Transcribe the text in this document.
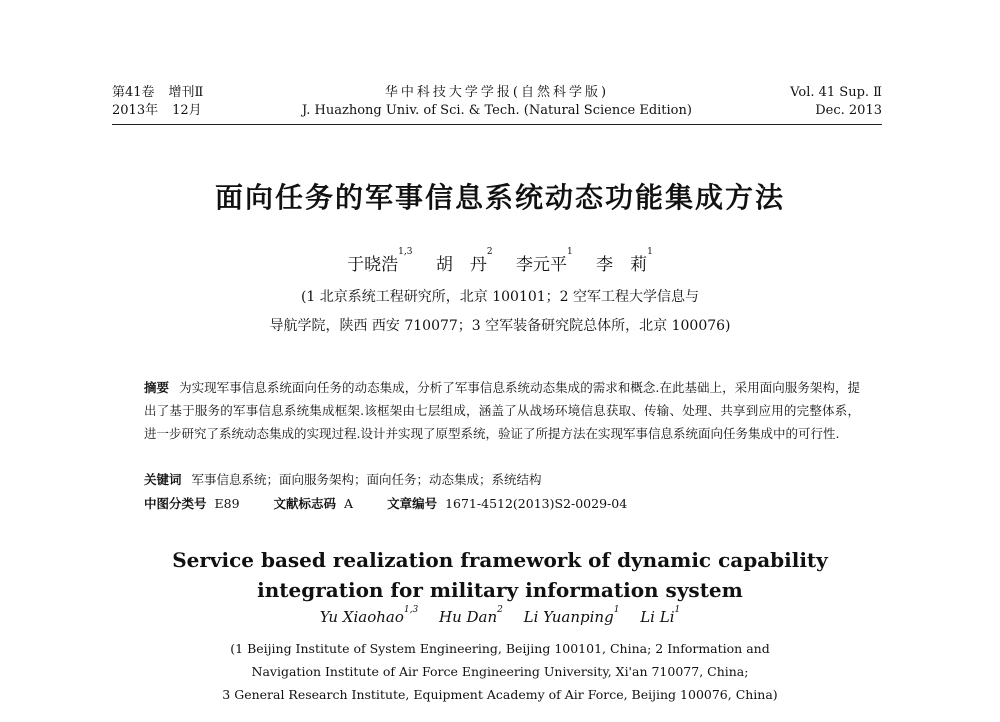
第41卷 增刊Ⅱ
2013年 12月
华中科技大学学报(自然科学版)
J. Huazhong Univ. of Sci. & Tech. (Natural Science Edition)
Vol. 41 Sup. Ⅱ
Dec. 2013
面向任务的军事信息系统动态功能集成方法
于晓浩$^{1,3}$ 胡　丹$^2$ 李元平$^1$ 李　莉$^1$
(1 北京系统工程研究所，北京 100101；2 空军工程大学信息与
导航学院，陕西 西安 710077；3 空军装备研究院总体所，北京 100076)
摘要 为实现军事信息系统面向任务的动态集成，分析了军事信息系统动态集成的需求和概念.在此基础上，采用面向服务架构，提出了基于服务的军事信息系统集成框架.该框架由七层组成，涵盖了从战场环境信息获取、传输、处理、共享到应用的完整体系，进一步研究了系统动态集成的实现过程.设计并实现了原型系统，验证了所提方法在实现军事信息系统面向任务集成中的可行性.
关键词 军事信息系统；面向服务架构；面向任务；动态集成；系统结构
中图分类号 E89	文献标志码 A	文章编号 1671-4512(2013)S2-0029-04
Service based realization framework of dynamic capability
integration for military information system
Yu Xiaohao$^{1,3}$ Hu Dan$^2$ Li Yuanping$^1$ Li Li$^1$
(1 Beijing Institute of System Engineering, Beijing 100101, China; 2 Information and
Navigation Institute of Air Force Engineering University, Xi'an 710077, China;
3 General Research Institute, Equipment Academy of Air Force, Beijing 100076, China)
